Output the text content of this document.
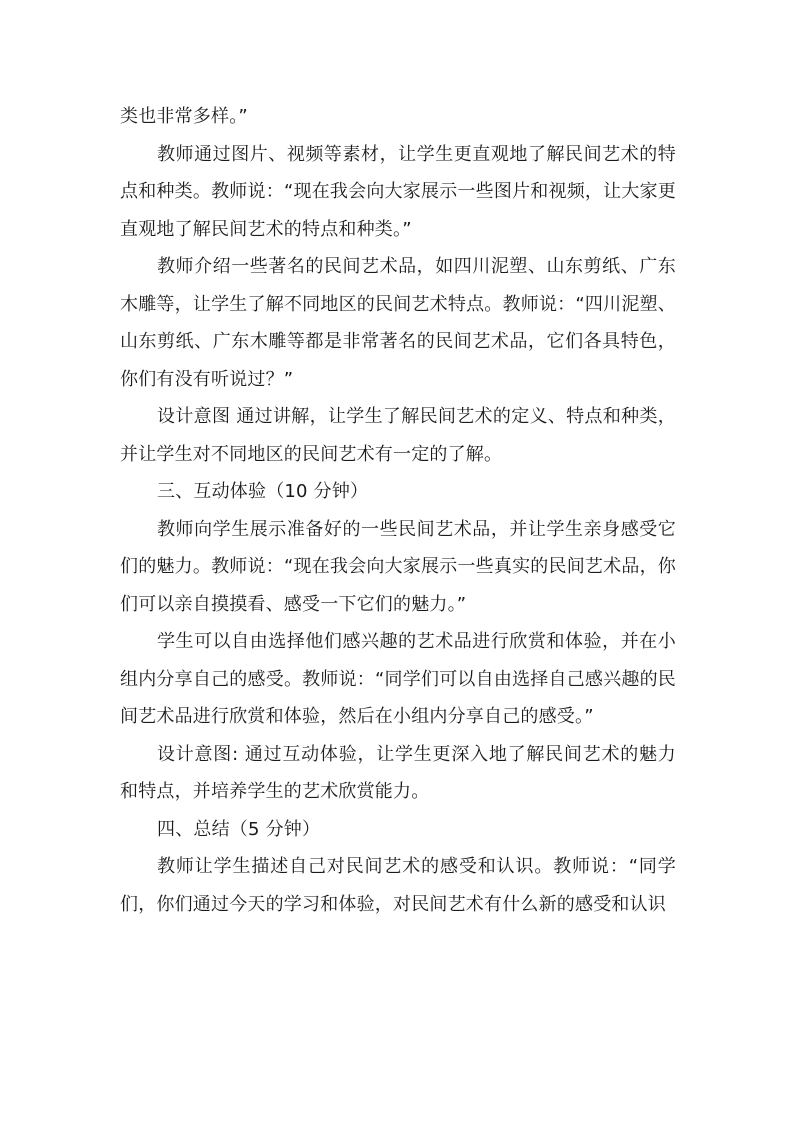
类也非常多样。”

教师通过图片、视频等素材，让学生更直观地了解民间艺术的特点和种类。教师说：“现在我会向大家展示一些图片和视频，让大家更直观地了解民间艺术的特点和种类。”

教师介绍一些著名的民间艺术品，如四川泥塑、山东剪纸、广东木雕等，让学生了解不同地区的民间艺术特点。教师说：“四川泥塑、山东剪纸、广东木雕等都是非常著名的民间艺术品，它们各具特色，你们有没有听说过？”

设计意图 通过讲解，让学生了解民间艺术的定义、特点和种类，并让学生对不同地区的民间艺术有一定的了解。

三、互动体验（10 分钟）

教师向学生展示准备好的一些民间艺术品，并让学生亲身感受它们的魅力。教师说：“现在我会向大家展示一些真实的民间艺术品，你们可以亲自摸摸看、感受一下它们的魅力。”

学生可以自由选择他们感兴趣的艺术品进行欣赏和体验，并在小组内分享自己的感受。教师说：“同学们可以自由选择自己感兴趣的民间艺术品进行欣赏和体验，然后在小组内分享自己的感受。”

设计意图: 通过互动体验，让学生更深入地了解民间艺术的魅力和特点，并培养学生的艺术欣赏能力。

四、总结（5 分钟）

教师让学生描述自己对民间艺术的感受和认识。教师说：“同学们，你们通过今天的学习和体验，对民间艺术有什么新的感受和认识
